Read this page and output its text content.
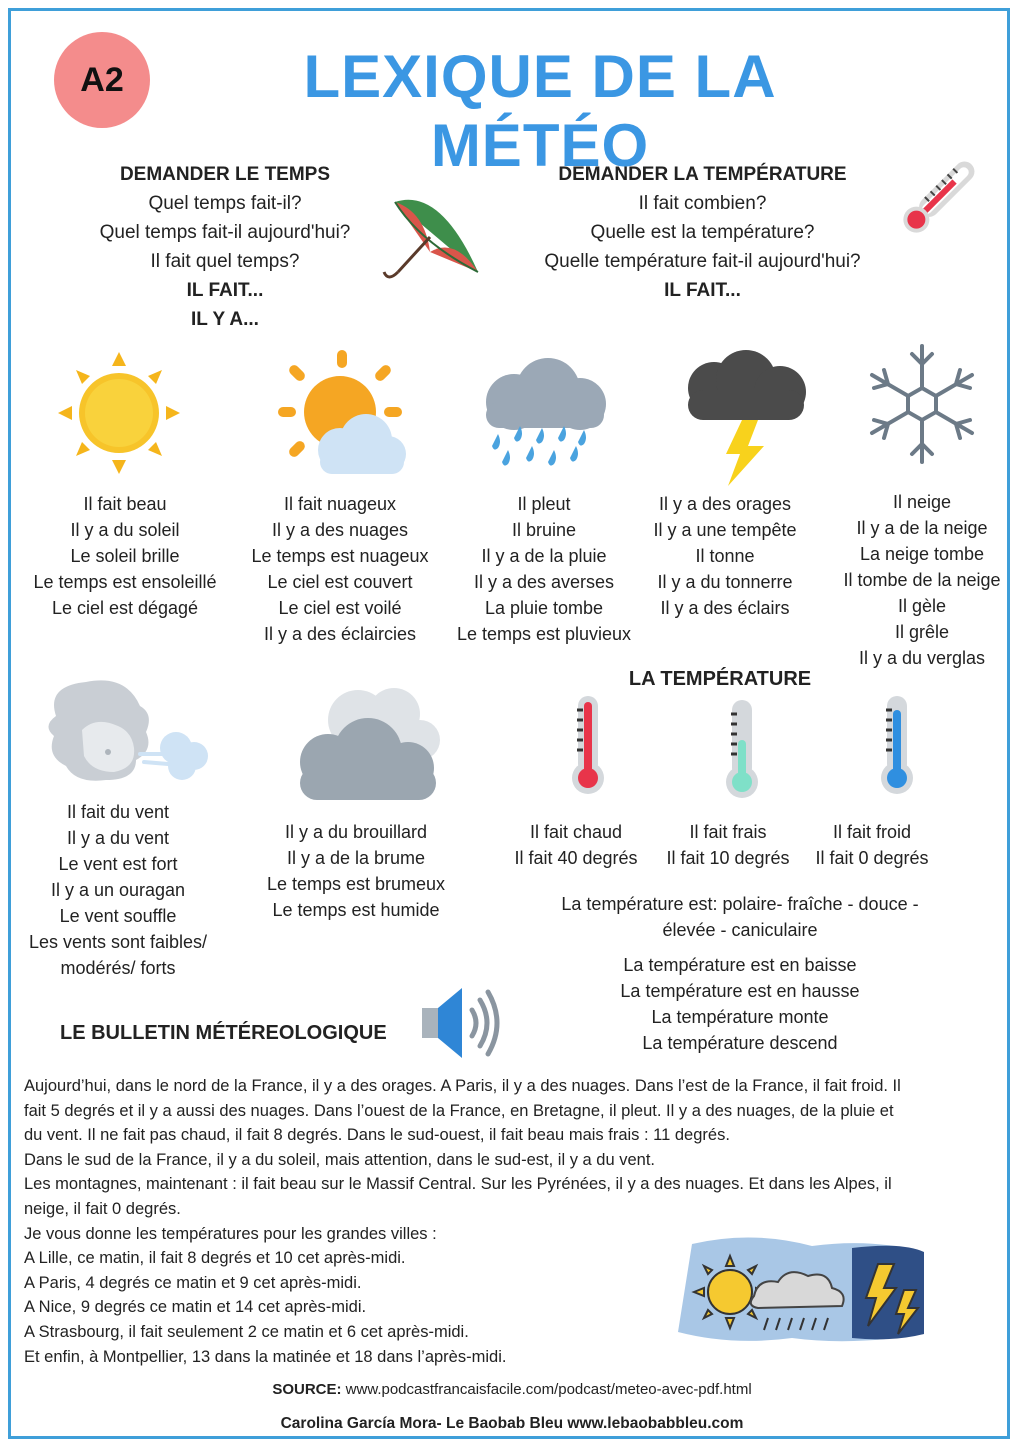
A2	LEXIQUE DE LA MÉTÉO
DEMANDER LE TEMPS
Quel temps fait-il?
Quel temps fait-il aujourd'hui?
Il fait quel temps?
IL FAIT...
IL Y A...
DEMANDER LA TEMPÉRATURE
Il fait combien?
Quelle est la température?
Quelle température fait-il aujourd'hui?
IL FAIT...
Il fait beau
Il y a du soleil
Le soleil brille
Le temps est ensoleillé
Le ciel est dégagé
Il fait nuageux
Il y a des nuages
Le temps est nuageux
Le ciel est couvert
Le ciel est voilé
Il y a des éclaircies
Il pleut
Il bruine
Il y a de la pluie
Il y a des averses
La pluie tombe
Le temps est pluvieux
Il y a des orages
Il y a une tempête
Il tonne
Il y a du tonnerre
Il y a des éclairs
Il neige
Il y a de la neige
La neige tombe
Il tombe de la neige
Il gèle
Il grêle
Il y a du verglas
LA TEMPÉRATURE
Il fait du vent
Il y a du vent
Le vent est fort
Il y a un ouragan
Le vent souffle
Les vents sont faibles/
modérés/ forts
Il y a du brouillard
Il y a de la brume
Le temps est brumeux
Le temps est humide
Il fait chaud
Il fait 40 degrés
Il fait frais
Il fait 10 degrés
Il fait froid
Il fait 0 degrés
La température est: polaire- fraîche - douce -
élevée - caniculaire
La température est en baisse
La température est en hausse
La température monte
La température descend
LE BULLETIN MÉTÉREOLOGIQUE
Aujourd’hui, dans le nord de la France, il y a des orages. A Paris, il y a des nuages. Dans l’est de la France, il fait froid. Il
fait 5 degrés et il y a aussi des nuages. Dans l’ouest de la France, en Bretagne, il pleut. Il y a des nuages, de la pluie et
du vent. Il ne fait pas chaud, il fait 8 degrés. Dans le sud-ouest, il fait beau mais frais : 11 degrés.
Dans le sud de la France, il y a du soleil, mais attention, dans le sud-est, il y a du vent.
Les montagnes, maintenant : il fait beau sur le Massif Central. Sur les Pyrénées, il y a des nuages. Et dans les Alpes, il
neige, il fait 0 degrés.
Je vous donne les températures pour les grandes villes :
A Lille, ce matin, il fait 8 degrés et 10 cet après-midi.
A Paris, 4 degrés ce matin et 9 cet après-midi.
A Nice, 9 degrés ce matin et 14 cet après-midi.
A Strasbourg, il fait seulement 2 ce matin et 6 cet après-midi.
Et enfin, à Montpellier, 13 dans la matinée et 18 dans l’après-midi.
SOURCE: www.podcastfrancaisfacile.com/podcast/meteo-avec-pdf.html
Carolina García Mora- Le Baobab Bleu www.lebaobabbleu.com
